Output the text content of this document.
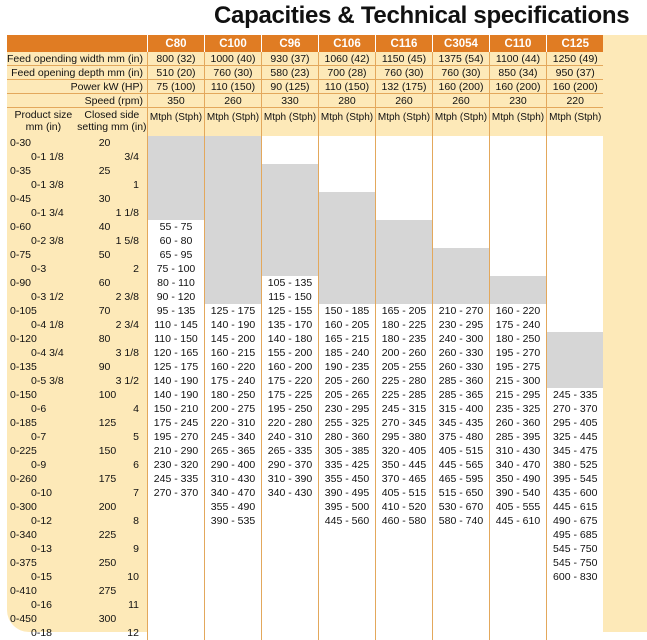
Capacities & Technical specifications
		C80	C100	C96	C106	C116	C3054	C110	C125
Feed opending width mm (in)		800 (32)	1000 (40)	930 (37)	1060 (42)	1150 (45)	1375 (54)	1100 (44)	1250 (49)
Feed opening depth mm (in)		510 (20)	760 (30)	580 (23)	700 (28)	760 (30)	760 (30)	850 (34)	950 (37)
Power kW (HP)		75 (100)	110 (150)	90 (125)	110 (150)	132 (175)	160 (200)	160 (200)	160 (200)
Speed (rpm)		350	260	330	280	260	260	230	220
Product size mm (in)	Closed side setting mm (in)	Mtph (Stph)	Mtph (Stph)	Mtph (Stph)	Mtph (Stph)	Mtph (Stph)	Mtph (Stph)	Mtph (Stph)	Mtph (Stph)
0-30	20								
0-1 1/8	3/4								
0-35	25								
0-1 3/8	1								
0-45	30								
0-1 3/4	1 1/8								
0-60	40	55 - 75							
0-2 3/8	1 5/8	60 - 80							
0-75	50	65 - 95							
0-3	2	75 - 100							
0-90	60	80 - 110		105 - 135					
0-3 1/2	2 3/8	90 - 120		115 - 150					
0-105	70	95 - 135	125 - 175	125 - 155	150 - 185	165 - 205	210 - 270	160 - 220	
0-4 1/8	2 3/4	110 - 145	140 - 190	135 - 170	160 - 205	180 - 225	230 - 295	175 - 240	
0-120	80	110 - 150	145 - 200	140 - 180	165 - 215	180 - 235	240 - 300	180 - 250	
0-4 3/4	3 1/8	120 - 165	160 - 215	155 - 200	185 - 240	200 - 260	260 - 330	195 - 270	
0-135	90	125 - 175	160 - 220	160 - 200	190 - 235	205 - 255	260 - 330	195 - 275	
0-5 3/8	3 1/2	140 - 190	175 - 240	175 - 220	205 - 260	225 - 280	285 - 360	215 - 300	
0-150	100	140 - 190	180 - 250	175 - 225	205 - 265	225 - 285	285 - 365	215 - 295	245 - 335
0-6	4	150 - 210	200 - 275	195 - 250	230 - 295	245 - 315	315 - 400	235 - 325	270 - 370
0-185	125	175 - 245	220 - 310	220 - 280	255 - 325	270 - 345	345 - 435	260 - 360	295 - 405
0-7	5	195 - 270	245 - 340	240 - 310	280 - 360	295 - 380	375 - 480	285 - 395	325 - 445
0-225	150	210 - 290	265 - 365	265 - 335	305 - 385	320 - 405	405 - 515	310 - 430	345 - 475
0-9	6	230 - 320	290 - 400	290 - 370	335 - 425	350 - 445	445 - 565	340 - 470	380 - 525
0-260	175	245 - 335	310 - 430	310 - 390	355 - 450	370 - 465	465 - 595	350 - 490	395 - 545
0-10	7	270 - 370	340 - 470	340 - 430	390 - 495	405 - 515	515 - 650	390 - 540	435 - 600
0-300	200		355 - 490		395 - 500	410 - 520	530 - 670	405 - 555	445 - 615
0-12	8		390 - 535		445 - 560	460 - 580	580 - 740	445 - 610	490 - 675
0-340	225								495 - 685
0-13	9								545 - 750
0-375	250								545 - 750
0-15	10								600 - 830
0-410	275								
0-16	11								
0-450	300								
0-18	12								
